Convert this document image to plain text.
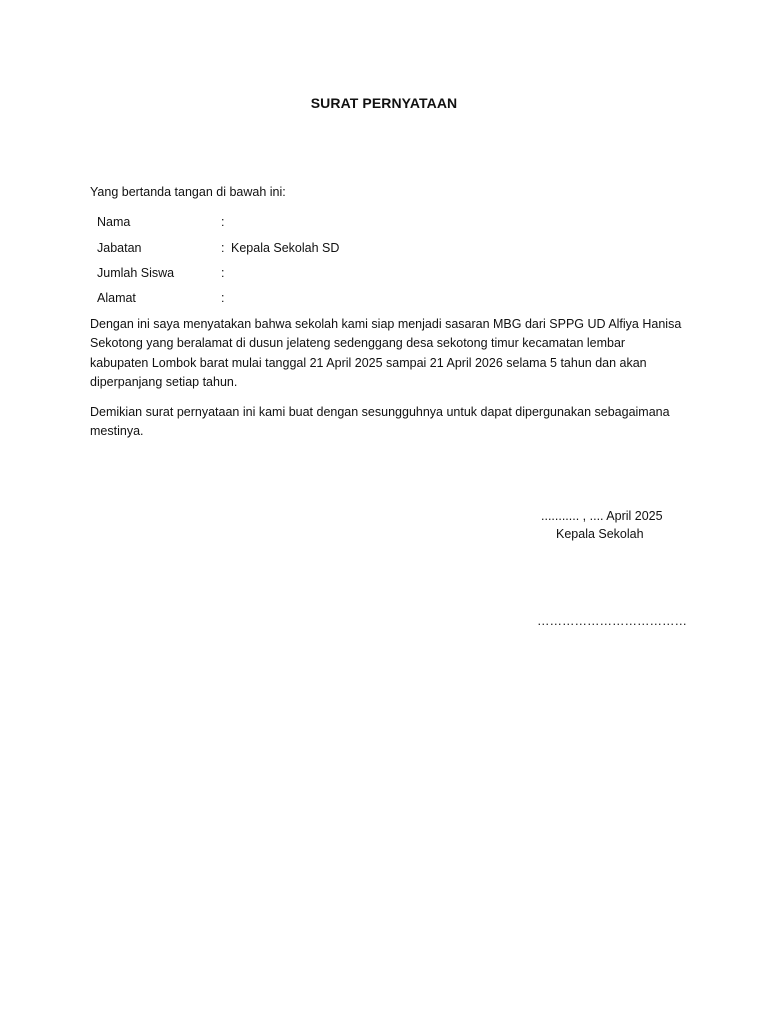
SURAT PERNYATAAN
Yang bertanda tangan di bawah ini:
Nama	:
Jabatan	: Kepala Sekolah SD
Jumlah Siswa	:
Alamat	:
Dengan ini saya menyatakan bahwa sekolah kami siap menjadi sasaran MBG dari SPPG UD Alfiya Hanisa
Sekotong yang beralamat di dusun jelateng sedenggang desa sekotong timur kecamatan lembar
kabupaten Lombok barat mulai tanggal 21 April 2025 sampai 21 April 2026 selama 5 tahun dan akan
diperpanjang setiap tahun.
Demikian surat pernyataan ini kami buat dengan sesungguhnya untuk dapat dipergunakan sebagaimana
mestinya.
........... , .... April 2025
Kepala Sekolah
………………………………
